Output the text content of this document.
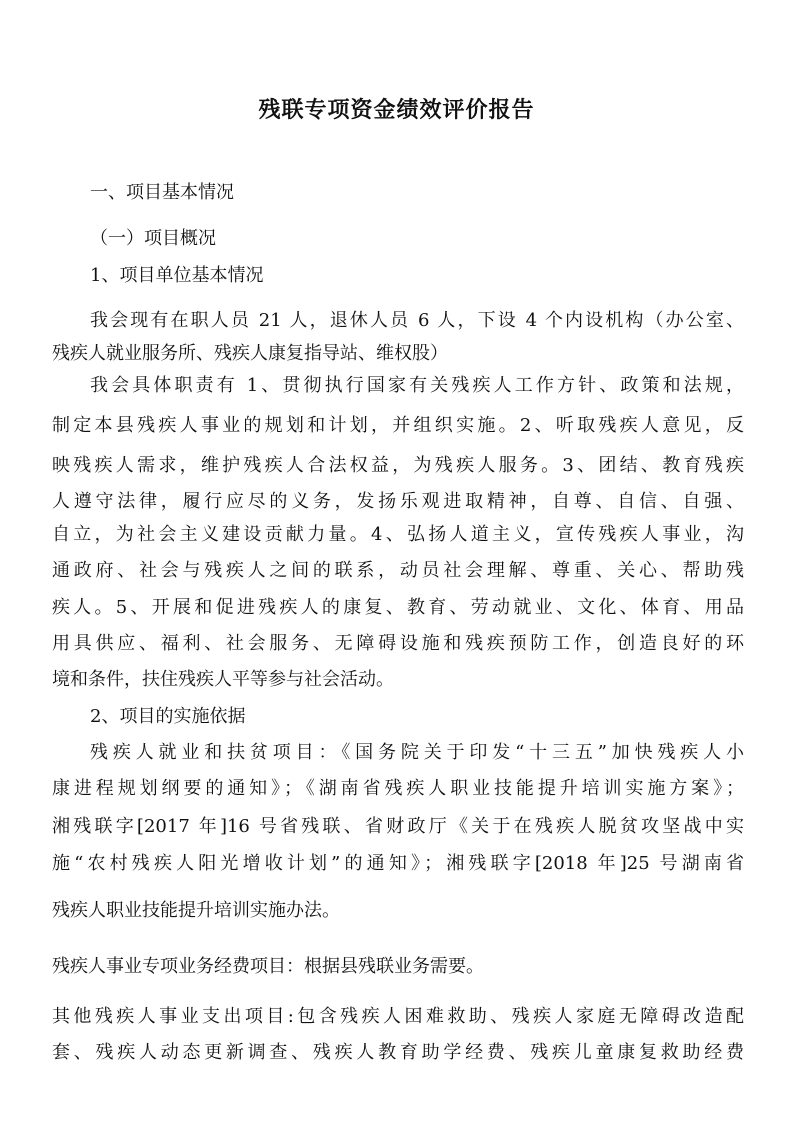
残联专项资金绩效评价报告
一、项目基本情况
（一）项目概况
1、项目单位基本情况
我会现有在职人员 21 人，退休人员 6 人，下设 4 个内设机构（办公室、
残疾人就业服务所、残疾人康复指导站、维权股）
我会具体职责有 1、贯彻执行国家有关残疾人工作方针、政策和法规，
制定本县残疾人事业的规划和计划，并组织实施。2、听取残疾人意见，反
映残疾人需求，维护残疾人合法权益，为残疾人服务。3、团结、教育残疾
人遵守法律，履行应尽的义务，发扬乐观进取精神，自尊、自信、自强、
自立，为社会主义建设贡献力量。4、弘扬人道主义，宣传残疾人事业，沟
通政府、社会与残疾人之间的联系，动员社会理解、尊重、关心、帮助残
疾人。5、开展和促进残疾人的康复、教育、劳动就业、文化、体育、用品
用具供应、福利、社会服务、无障碍设施和残疾预防工作，创造良好的环
境和条件，扶住残疾人平等参与社会活动。
2、项目的实施依据
残疾人就业和扶贫项目：《国务院关于印发“十三五”加快残疾人小
康进程规划纲要的通知》；《湖南省残疾人职业技能提升培训实施方案》；
湘残联字[2017 年]16 号省残联、省财政厅《关于在残疾人脱贫攻坚战中实
施“农村残疾人阳光增收计划”的通知》；湘残联字[2018 年]25 号湖南省
残疾人职业技能提升培训实施办法。
残疾人事业专项业务经费项目：根据县残联业务需要。
其他残疾人事业支出项目:包含残疾人困难救助、残疾人家庭无障碍改造配
套、残疾人动态更新调查、残疾人教育助学经费、残疾儿童康复救助经费
